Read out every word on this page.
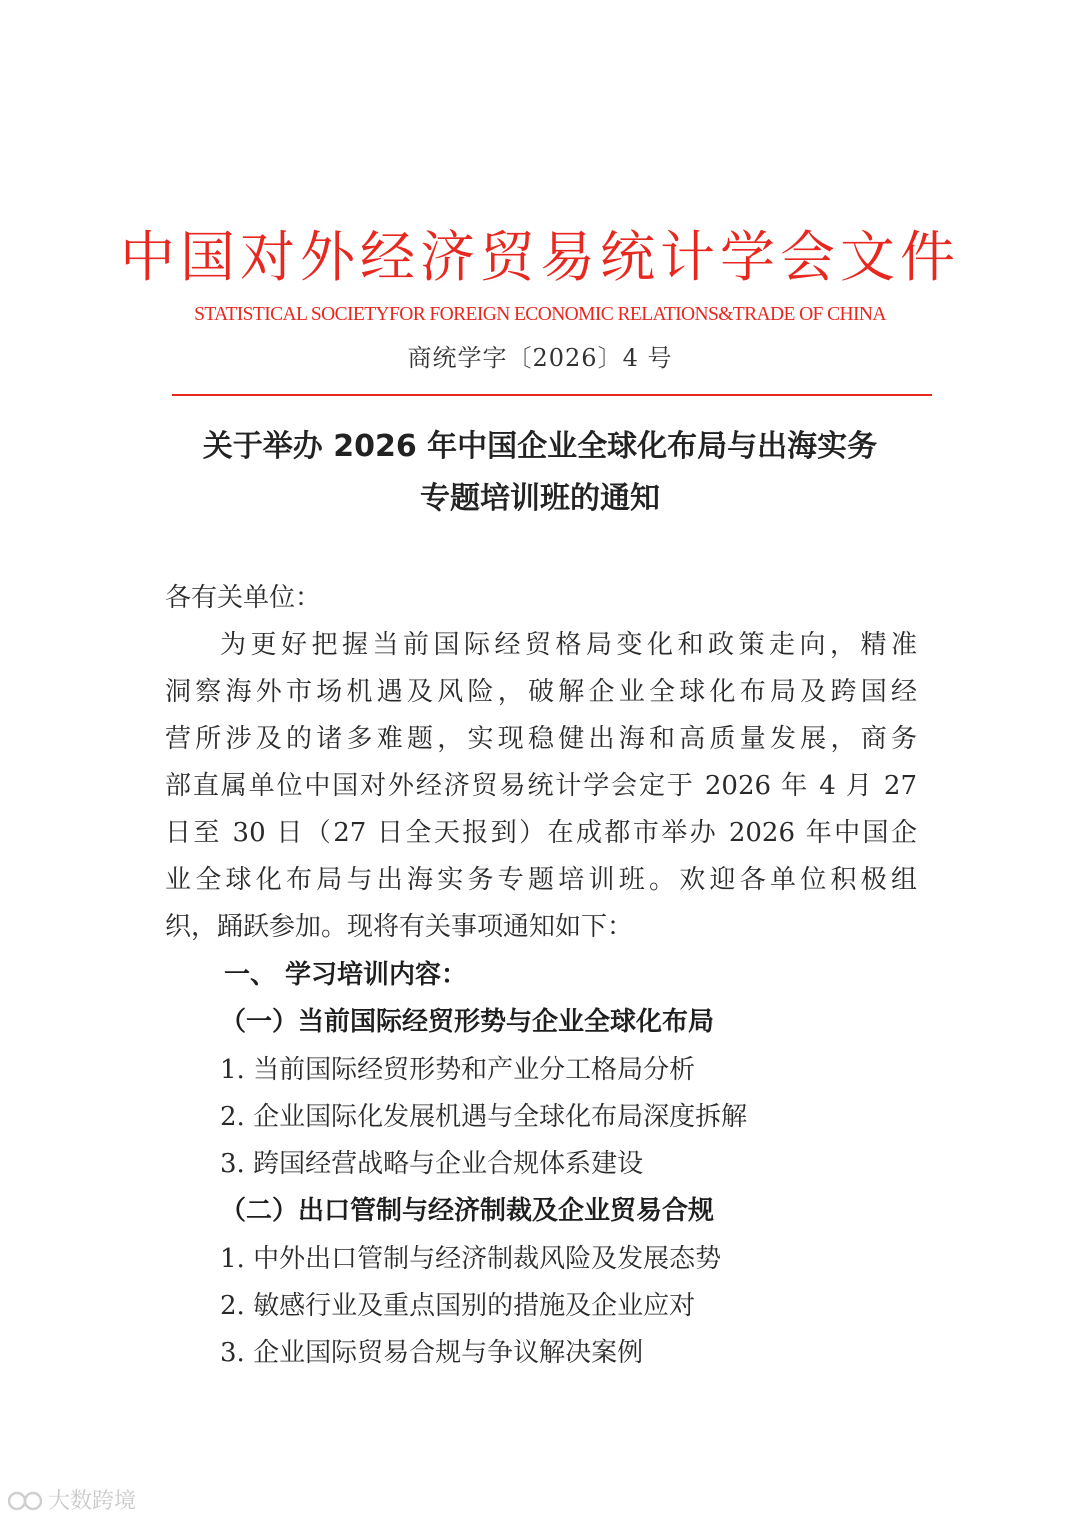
中国对外经济贸易统计学会文件
STATISTICAL SOCIETYFOR FOREIGN ECONOMIC RELATIONS&TRADE OF CHINA
商统学字〔2026〕4 号
关于举办 2026 年中国企业全球化布局与出海实务
专题培训班的通知
各有关单位：
为更好把握当前国际经贸格局变化和政策走向，精准
洞察海外市场机遇及风险，破解企业全球化布局及跨国经
营所涉及的诸多难题，实现稳健出海和高质量发展，商务
部直属单位中国对外经济贸易统计学会定于 2026 年 4 月 27
日至 30 日（27 日全天报到）在成都市举办 2026 年中国企
业全球化布局与出海实务专题培训班。欢迎各单位积极组
织，踊跃参加。现将有关事项通知如下：
一、 学习培训内容：
（一）当前国际经贸形势与企业全球化布局
1. 当前国际经贸形势和产业分工格局分析
2. 企业国际化发展机遇与全球化布局深度拆解
3. 跨国经营战略与企业合规体系建设
（二）出口管制与经济制裁及企业贸易合规
1. 中外出口管制与经济制裁风险及发展态势
2. 敏感行业及重点国别的措施及企业应对
3. 企业国际贸易合规与争议解决案例
大数跨境
